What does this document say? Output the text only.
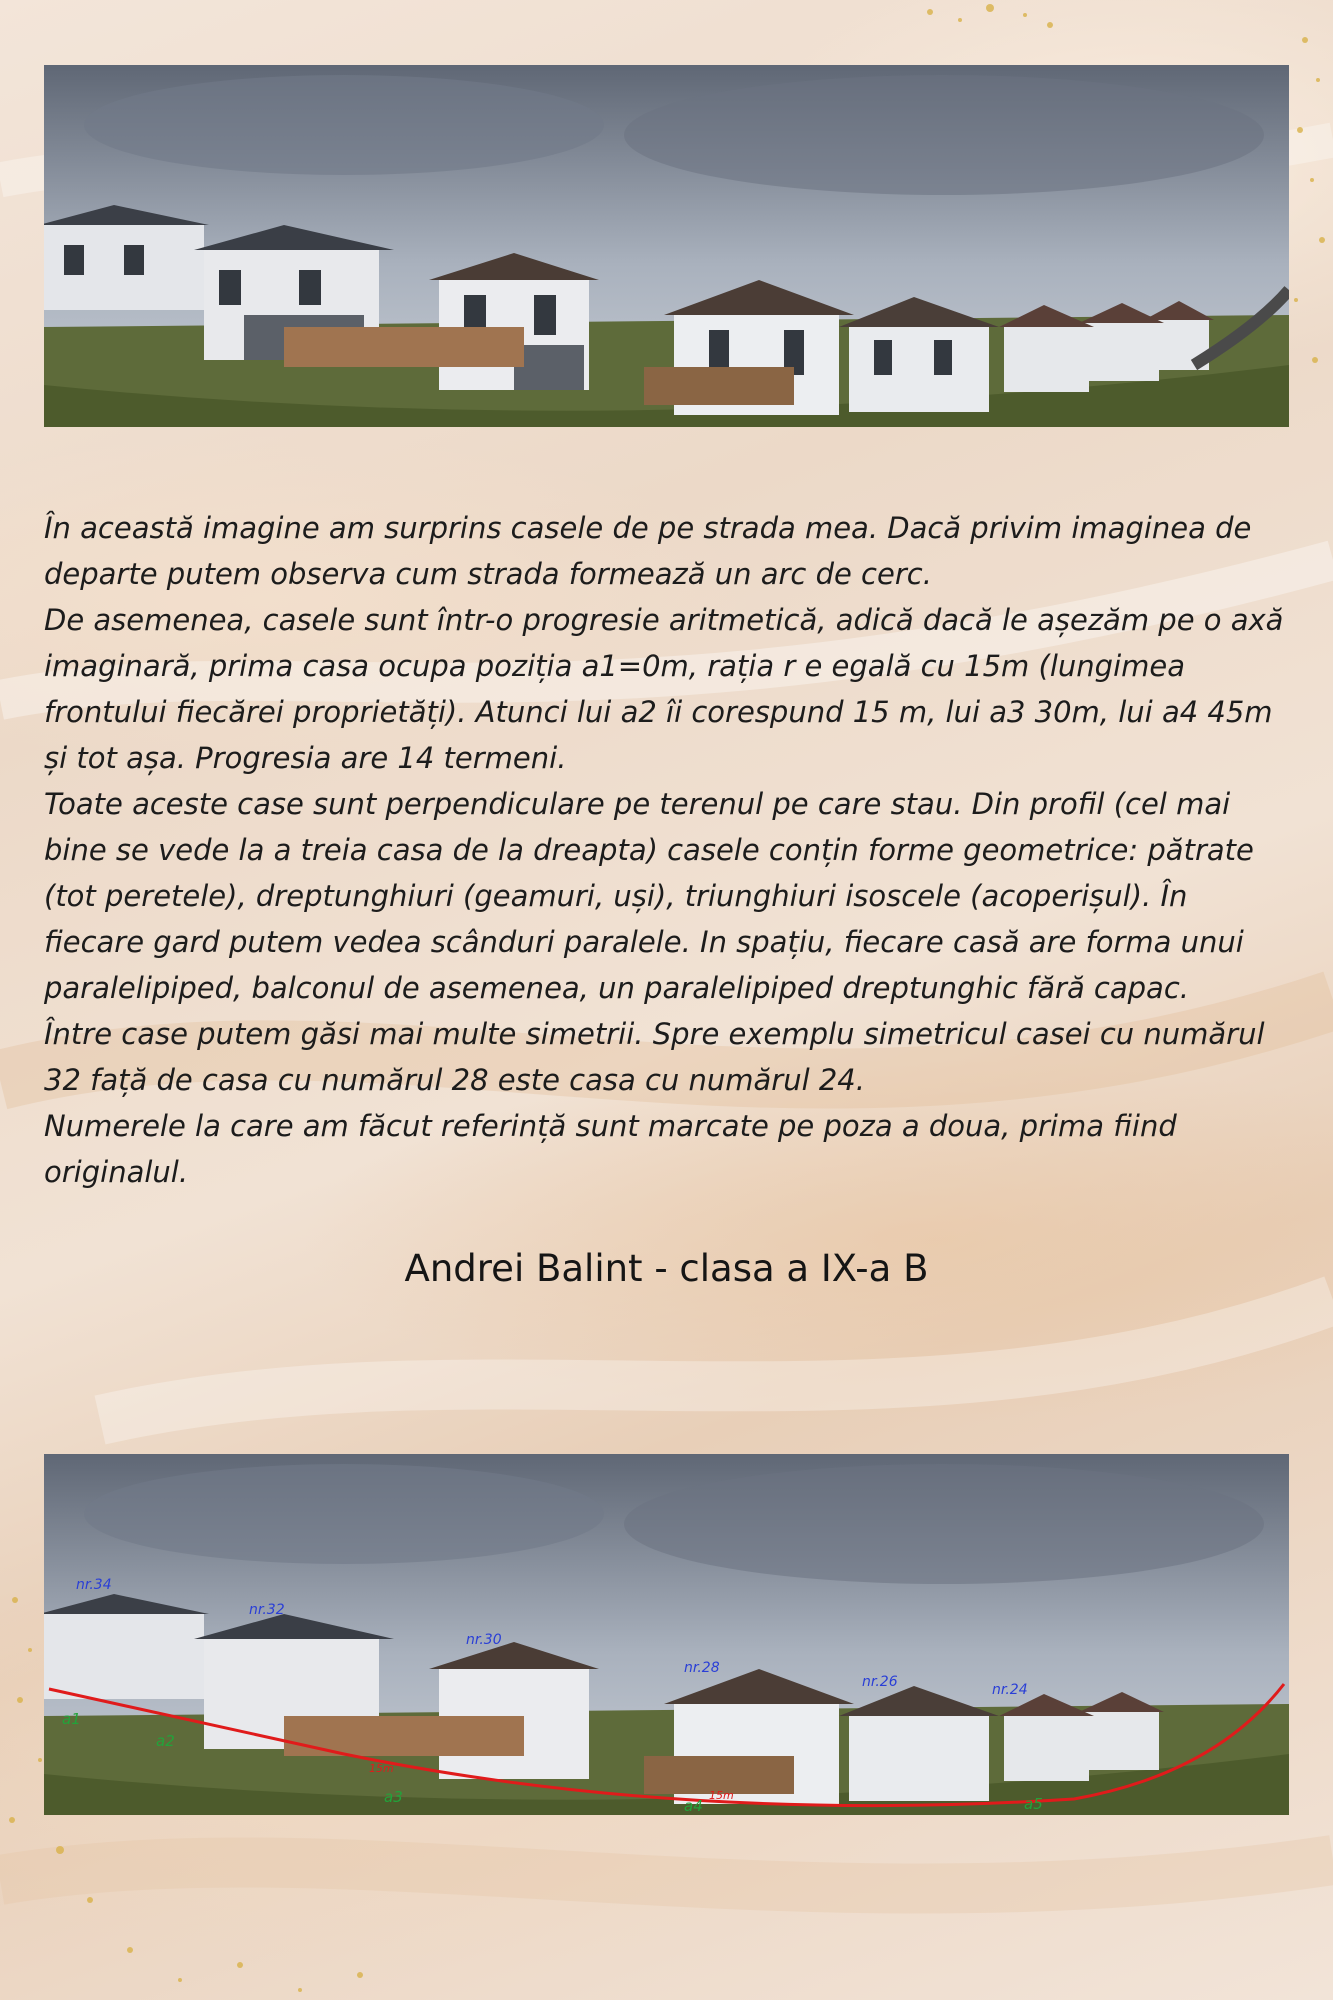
În această imagine am surprins casele de pe strada mea. Dacă privim imaginea de departe putem observa cum strada formează un arc de cerc.

De asemenea, casele sunt într-o progresie aritmetică, adică dacă le așezăm pe o axă imaginară, prima casa ocupa poziția a1=0m, rația r e egală cu 15m (lungimea frontului fiecărei proprietăți). Atunci lui a2 îi corespund 15 m, lui a3 30m, lui a4 45m și tot așa. Progresia are 14 termeni.

Toate aceste case sunt perpendiculare pe terenul pe care stau. Din profil (cel mai bine se vede la a treia casa de la dreapta) casele conțin forme geometrice: pătrate (tot peretele), dreptunghiuri (geamuri, uși), triunghiuri isoscele (acoperișul). În fiecare gard putem vedea scânduri paralele. In spațiu, fiecare casă are forma unui paralelipiped, balconul de asemenea, un paralelipiped dreptunghic fără capac.

Între case putem găsi mai multe simetrii. Spre exemplu simetricul casei cu numărul 32 față de casa cu numărul 28 este casa cu numărul 24.

Numerele la care am făcut referință sunt marcate pe poza a doua, prima fiind originalul.

Andrei Balint - clasa a IX-a B
nr.34
nr.32
nr.30
nr.28
nr.26	nr.24
a1
a2
a3	a4	a5
15m
15m
